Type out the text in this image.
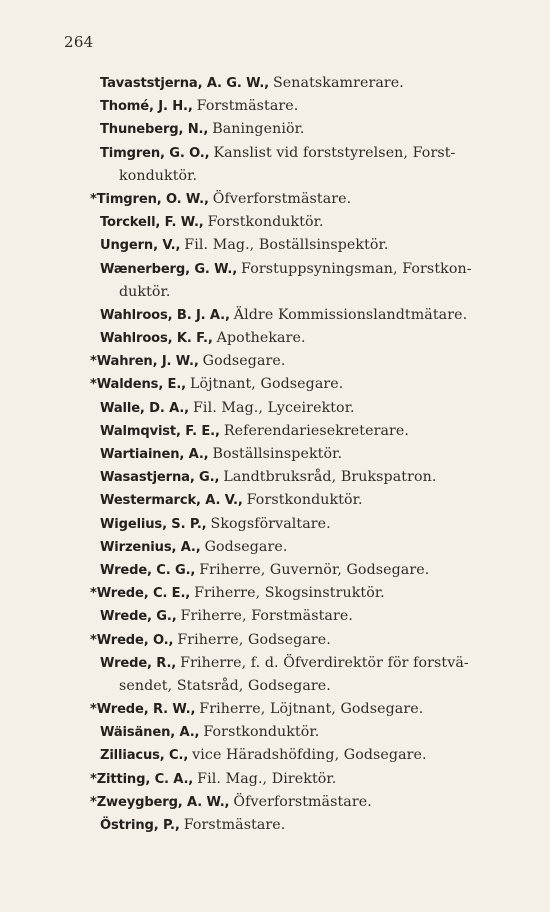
264
Tavaststjerna, A. G. W., Senatskamrerare.
Thomé, J. H., Forstmästare.
Thuneberg, N., Baningeniör.
Timgren, G. O., Kanslist vid forststyrelsen, Forst-
konduktör.
*Timgren, O. W., Öfverforstmästare.
Torckell, F. W., Forstkonduktör.
Ungern, V., Fil. Mag., Boställsinspektör.
Wænerberg, G. W., Forstuppsyningsman, Forstkon-
duktör.
Wahlroos, B. J. A., Äldre Kommissionslandtmätare.
Wahlroos, K. F., Apothekare.
*Wahren, J. W., Godsegare.
*Waldens, E., Löjtnant, Godsegare.
Walle, D. A., Fil. Mag., Lyceirektor.
Walmqvist, F. E., Referendariesekreterare.
Wartiainen, A., Boställsinspektör.
Wasastjerna, G., Landtbruksråd, Brukspatron.
Westermarck, A. V., Forstkonduktör.
Wigelius, S. P., Skogsförvaltare.
Wirzenius, A., Godsegare.
Wrede, C. G., Friherre, Guvernör, Godsegare.
*Wrede, C. E., Friherre, Skogsinstruktör.
Wrede, G., Friherre, Forstmästare.
*Wrede, O., Friherre, Godsegare.
Wrede, R., Friherre, f. d. Öfverdirektör för forstvä-
sendet, Statsråd, Godsegare.
*Wrede, R. W., Friherre, Löjtnant, Godsegare.
Wäisänen, A., Forstkonduktör.
Zilliacus, C., vice Häradshöfding, Godsegare.
*Zitting, C. A., Fil. Mag., Direktör.
*Zweygberg, A. W., Öfverforstmästare.
Östring, P., Forstmästare.
